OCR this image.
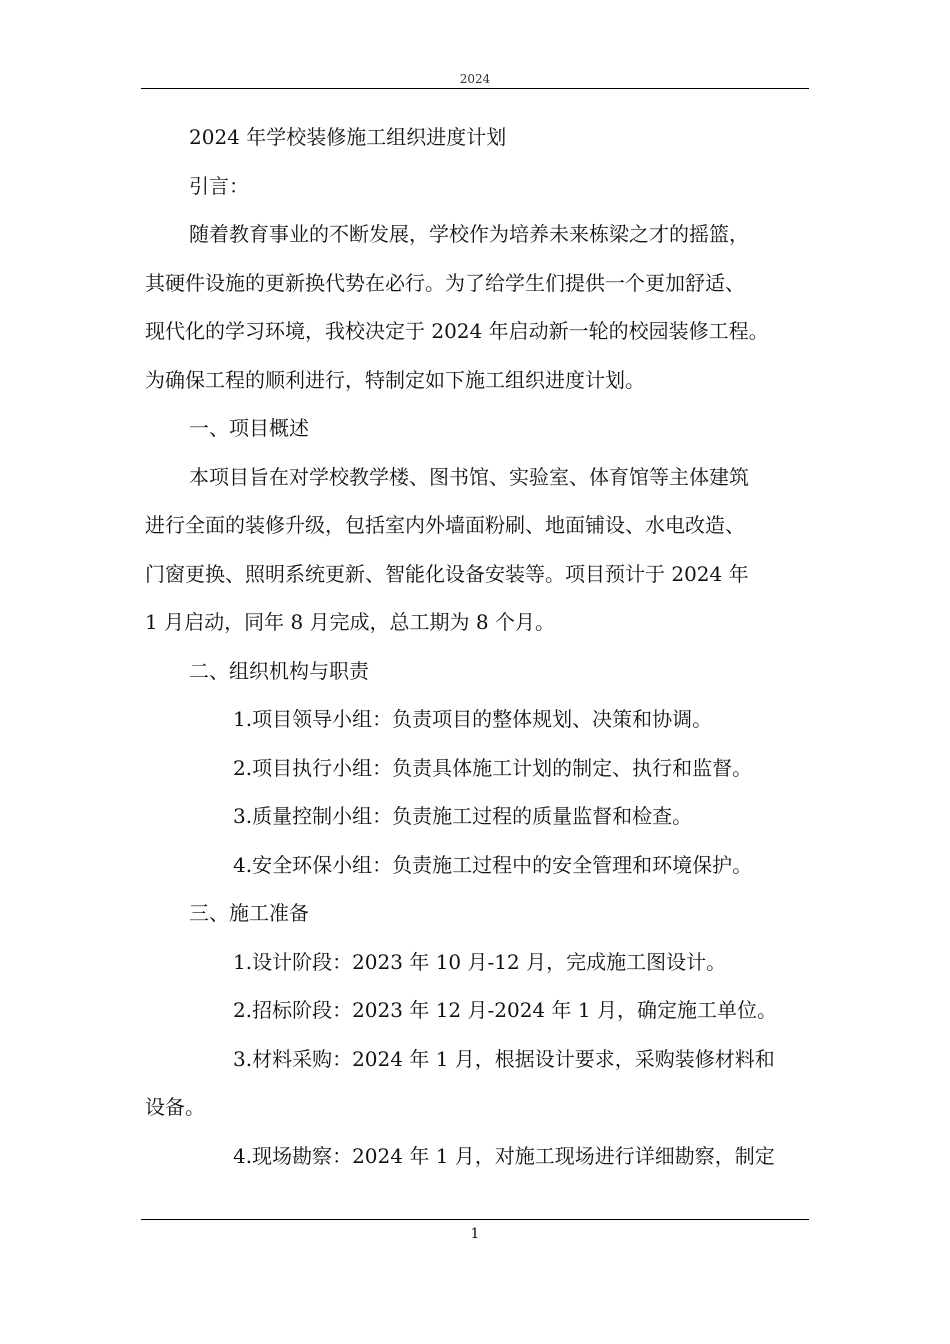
2024
2024 年学校装修施工组织进度计划
引言：
随着教育事业的不断发展，学校作为培养未来栋梁之才的摇篮，
其硬件设施的更新换代势在必行。为了给学生们提供一个更加舒适、
现代化的学习环境，我校决定于 2024 年启动新一轮的校园装修工程。
为确保工程的顺利进行，特制定如下施工组织进度计划。
一、项目概述
本项目旨在对学校教学楼、图书馆、实验室、体育馆等主体建筑
进行全面的装修升级，包括室内外墙面粉刷、地面铺设、水电改造、
门窗更换、照明系统更新、智能化设备安装等。项目预计于 2024 年
1 月启动，同年 8 月完成，总工期为 8 个月。
二、组织机构与职责
1.项目领导小组：负责项目的整体规划、决策和协调。
2.项目执行小组：负责具体施工计划的制定、执行和监督。
3.质量控制小组：负责施工过程的质量监督和检查。
4.安全环保小组：负责施工过程中的安全管理和环境保护。
三、施工准备
1.设计阶段：2023 年 10 月-12 月，完成施工图设计。
2.招标阶段：2023 年 12 月-2024 年 1 月，确定施工单位。
3.材料采购：2024 年 1 月，根据设计要求，采购装修材料和
设备。
4.现场勘察：2024 年 1 月，对施工现场进行详细勘察，制定
1
